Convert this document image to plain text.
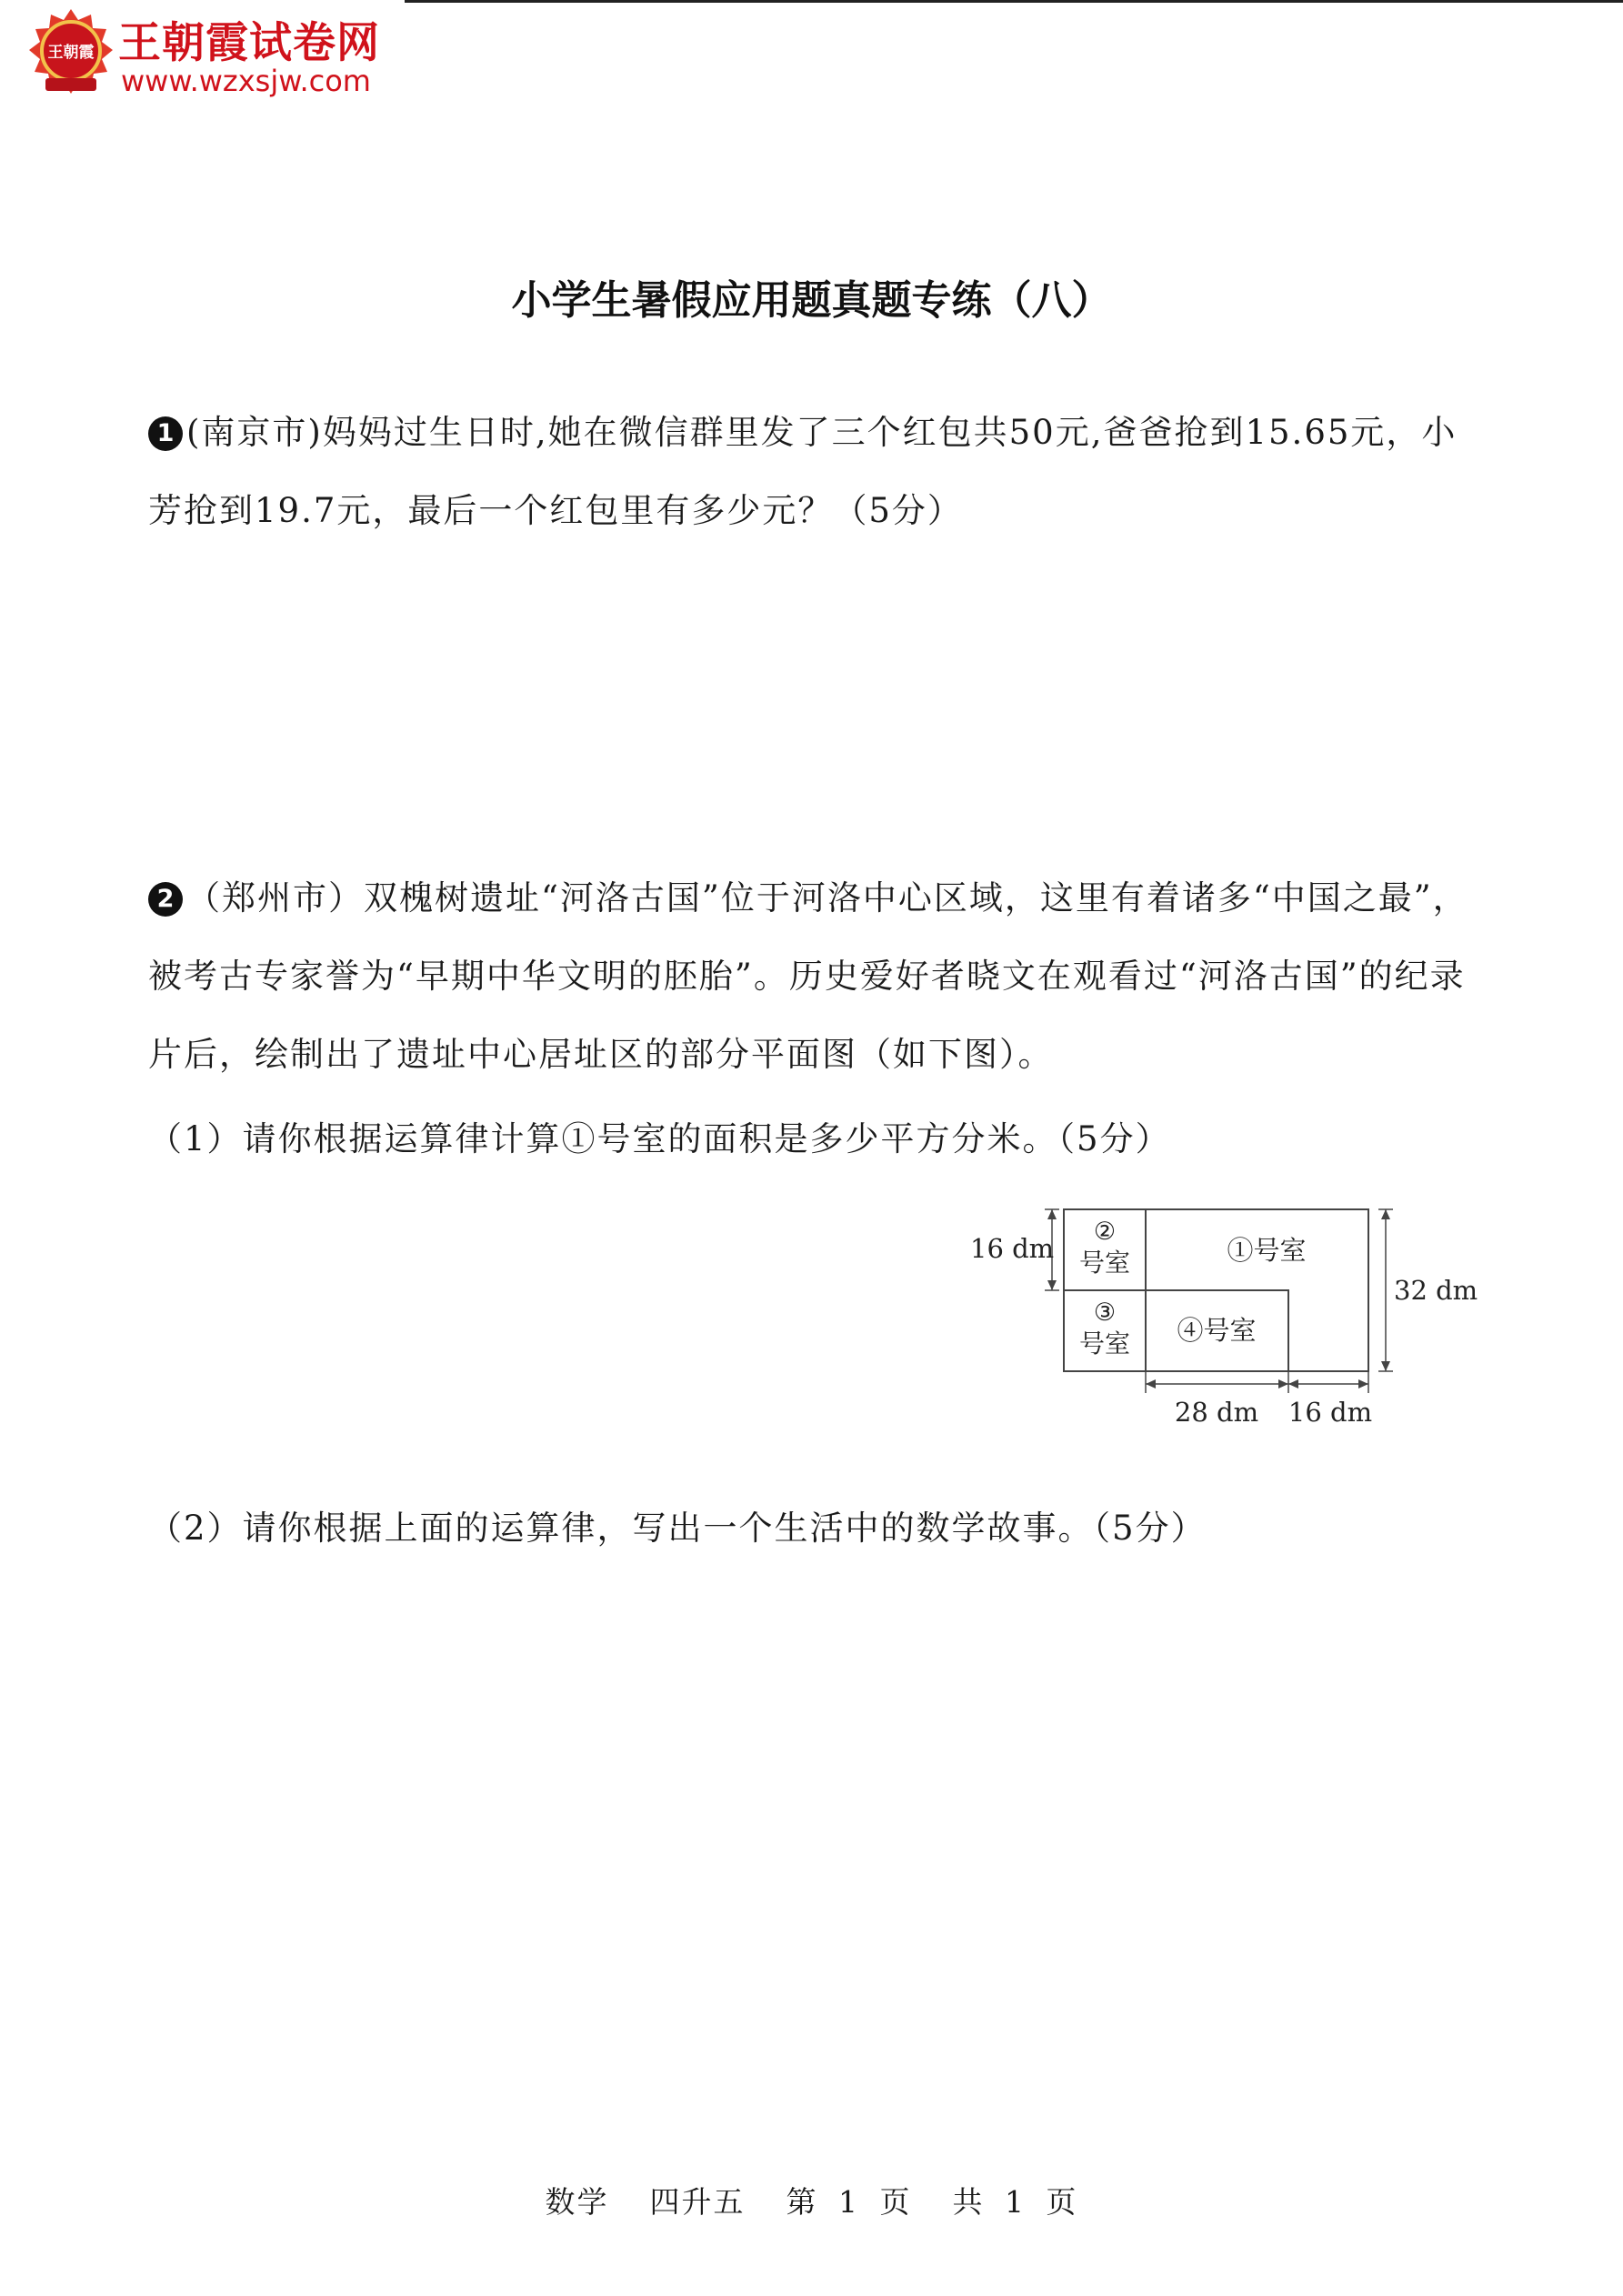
王朝霞 王朝霞试卷网
www.wzxsjw.com
小学生暑假应用题真题专练（八）

1 (南京市)妈妈过生日时,她在微信群里发了三个红包共50元,爸爸抢到15.65元，小芳抢到19.7元，最后一个红包里有多少元？（5分）

2 （郑州市）双槐树遗址“河洛古国”位于河洛中心区域，这里有着诸多“中国之最”，被考古专家誉为“早期中华文明的胚胎”。历史爱好者晓文在观看过“河洛古国”的纪录片后，绘制出了遗址中心居址区的部分平面图（如下图）。

（1）请你根据运算律计算①号室的面积是多少平方分米。（5分）
②
号室
③
号室
①号室
④号室
16 dm
32 dm
28 dm 16 dm
（2）请你根据上面的运算律，写出一个生活中的数学故事。（5分）
数学  四升五  第 1 页  共 1 页
